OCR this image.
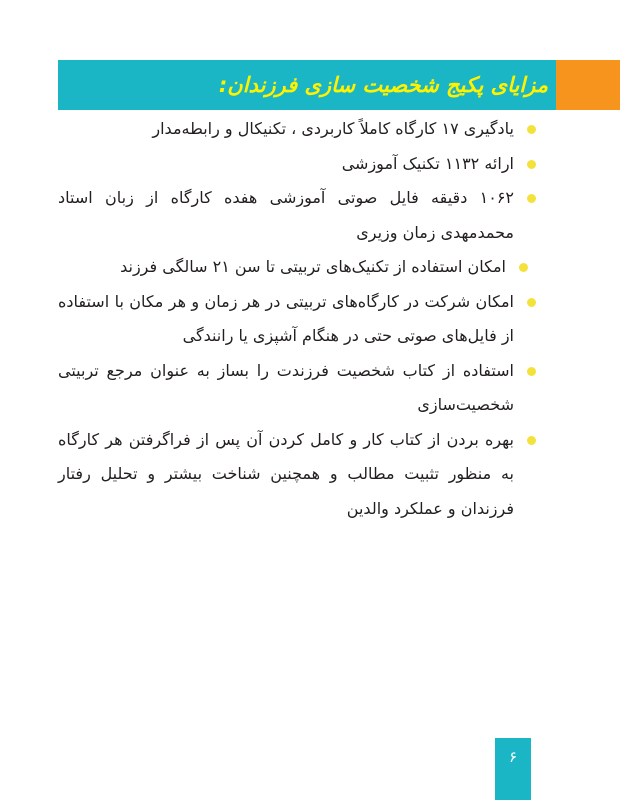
مزایای پکیج شخصیت سازی فرزندان:

یادگیری ۱۷ کارگاه کاملاً کاربردی ، تکنیکال و رابطه‌مدار

ارائه ۱۱۳۲ تکنیک آموزشی

۱۰۶۲ دقیقه فایل صوتی آموزشی هفده کارگاه از زبان استاد محمدمهدی زمان وزیری

امکان استفاده از تکنیک‌های تربیتی تا سن ۲۱ سالگی فرزند

امکان شرکت در کارگاه‌های تربیتی در هر زمان و هر مکان با استفاده از فایل‌های صوتی حتی در هنگام آشپزی یا رانندگی

استفاده از کتاب شخصیت فرزندت را بساز به عنوان مرجع تربیتی شخصیت‌سازی

بهره بردن از کتاب کار و کامل کردن آن پس از فراگرفتن هر کارگاه به منظور تثبیت مطالب و همچنین شناخت بیشتر و تحلیل رفتار فرزندان و عملکرد والدین

۶
